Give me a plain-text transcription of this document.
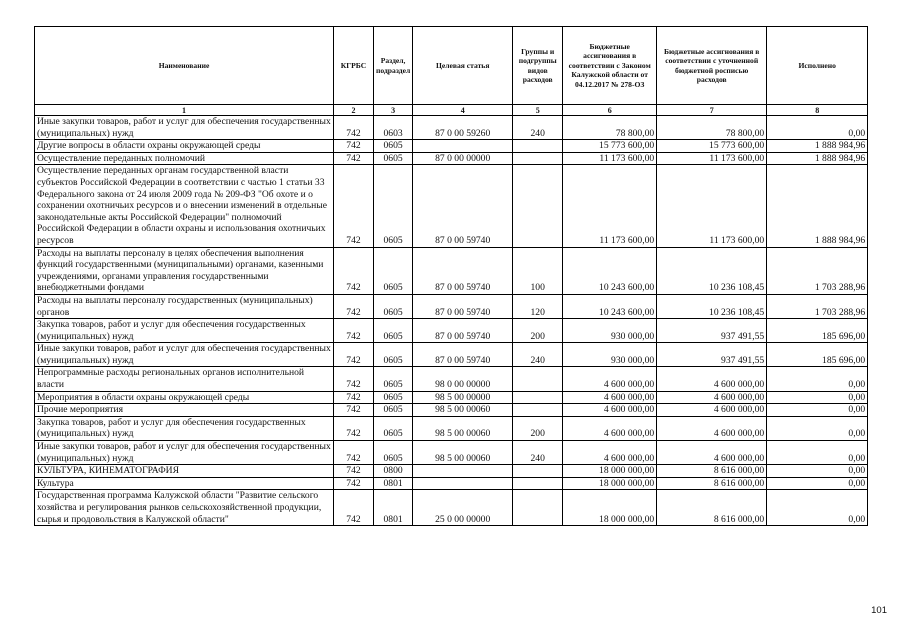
Наименование	КГРБС	Раздел, подраздел	Целевая статья	Группы и подгруппы видов расходов	Бюджетные ассигнования в соответствии с Законом Калужской области от 04.12.2017 № 278-ОЗ	Бюджетные ассигнования в соответствии с уточненной бюджетной росписью расходов	Исполнено
1	2	3	4	5	6	7	8
Иные закупки товаров, работ и услуг для обеспечения государственных (муниципальных) нужд	742	0603	87 0 00 59260	240	78 800,00	78 800,00	0,00
Другие вопросы в области охраны окружающей среды	742	0605			15 773 600,00	15 773 600,00	1 888 984,96
Осуществление переданных полномочий	742	0605	87 0 00 00000		11 173 600,00	11 173 600,00	1 888 984,96
Осуществление переданных органам государственной власти субъектов Российской Федерации в соответствии с частью 1 статьи 33 Федерального закона от 24 июля 2009 года № 209-ФЗ "Об охоте и о сохранении охотничьих ресурсов и о внесении изменений в отдельные законодательные акты Российской Федерации" полномочий Российской Федерации в области охраны и использования охотничьих ресурсов	742	0605	87 0 00 59740		11 173 600,00	11 173 600,00	1 888 984,96
Расходы на выплаты персоналу в целях обеспечения выполнения функций государственными (муниципальными) органами, казенными учреждениями, органами управления государственными внебюджетными фондами	742	0605	87 0 00 59740	100	10 243 600,00	10 236 108,45	1 703 288,96
Расходы на выплаты персоналу государственных (муниципальных) органов	742	0605	87 0 00 59740	120	10 243 600,00	10 236 108,45	1 703 288,96
Закупка товаров, работ и услуг для обеспечения государственных (муниципальных) нужд	742	0605	87 0 00 59740	200	930 000,00	937 491,55	185 696,00
Иные закупки товаров, работ и услуг для обеспечения государственных (муниципальных) нужд	742	0605	87 0 00 59740	240	930 000,00	937 491,55	185 696,00
Непрограммные расходы региональных органов исполнительной власти	742	0605	98 0 00 00000		4 600 000,00	4 600 000,00	0,00
Мероприятия в области охраны окружающей среды	742	0605	98 5 00 00000		4 600 000,00	4 600 000,00	0,00
Прочие мероприятия	742	0605	98 5 00 00060		4 600 000,00	4 600 000,00	0,00
Закупка товаров, работ и услуг для обеспечения государственных (муниципальных) нужд	742	0605	98 5 00 00060	200	4 600 000,00	4 600 000,00	0,00
Иные закупки товаров, работ и услуг для обеспечения государственных (муниципальных) нужд	742	0605	98 5 00 00060	240	4 600 000,00	4 600 000,00	0,00
КУЛЬТУРА, КИНЕМАТОГРАФИЯ	742	0800			18 000 000,00	8 616 000,00	0,00
Культура	742	0801			18 000 000,00	8 616 000,00	0,00
Государственная программа Калужской области "Развитие сельского хозяйства и регулирования рынков сельскохозяйственной продукции, сырья и продовольствия в Калужской области"	742	0801	25 0 00 00000		18 000 000,00	8 616 000,00	0,00
101
